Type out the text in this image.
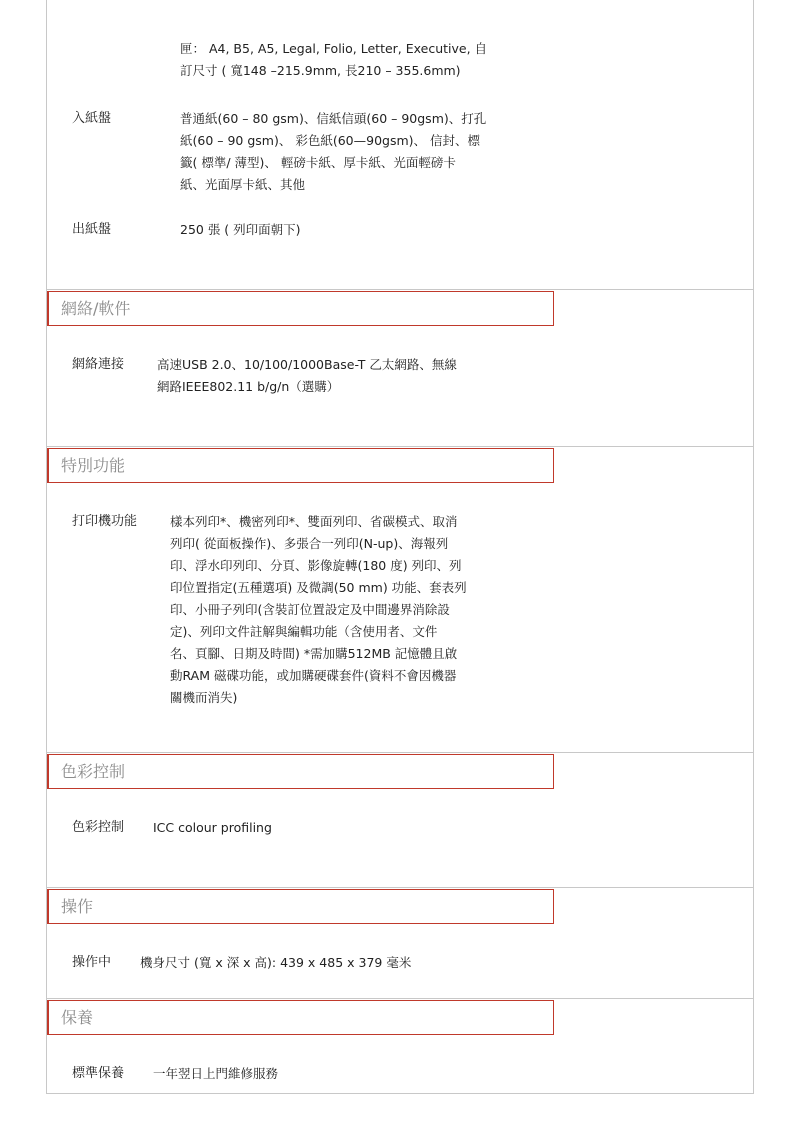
匣： A4, B5, A5, Legal, Folio, Letter, Executive, 自
訂尺寸 ( 寬148 –215.9mm, 長210 – 355.6mm)
入紙盤	普通紙(60 – 80 gsm)、信紙信頭(60 – 90gsm)、打孔
紙(60 – 90 gsm)、 彩色紙(60—90gsm)、 信封、標
籤( 標準/ 薄型)、 輕磅卡紙、厚卡紙、光面輕磅卡
紙、光面厚卡紙、其他
出紙盤	250 張 ( 列印面朝下)
網絡/軟件
網絡連接	高速USB 2.0、10/100/1000Base-T 乙太網路、無線
網路IEEE802.11 b/g/n（選購）
特別功能
打印機功能	樣本列印*、機密列印*、雙面列印、省碳模式、取消
列印( 從面板操作)、多張合一列印(N-up)、海報列
印、浮水印列印、分頁、影像旋轉(180 度) 列印、列
印位置指定(五種選項) 及微調(50 mm) 功能、套表列
印、小冊子列印(含裝訂位置設定及中間邊界消除設
定)、列印文件註解與編輯功能（含使用者、文件
名、頁腳、日期及時間) *需加購512MB 記憶體且啟
動RAM 磁碟功能，或加購硬碟套件(資料不會因機器
關機而消失)
色彩控制
色彩控制 ICC colour profiling
操作
操作中 機身尺寸 (寬 x 深 x 高): 439 x 485 x 379 毫米
保養
標準保養 一年翌日上門維修服務
